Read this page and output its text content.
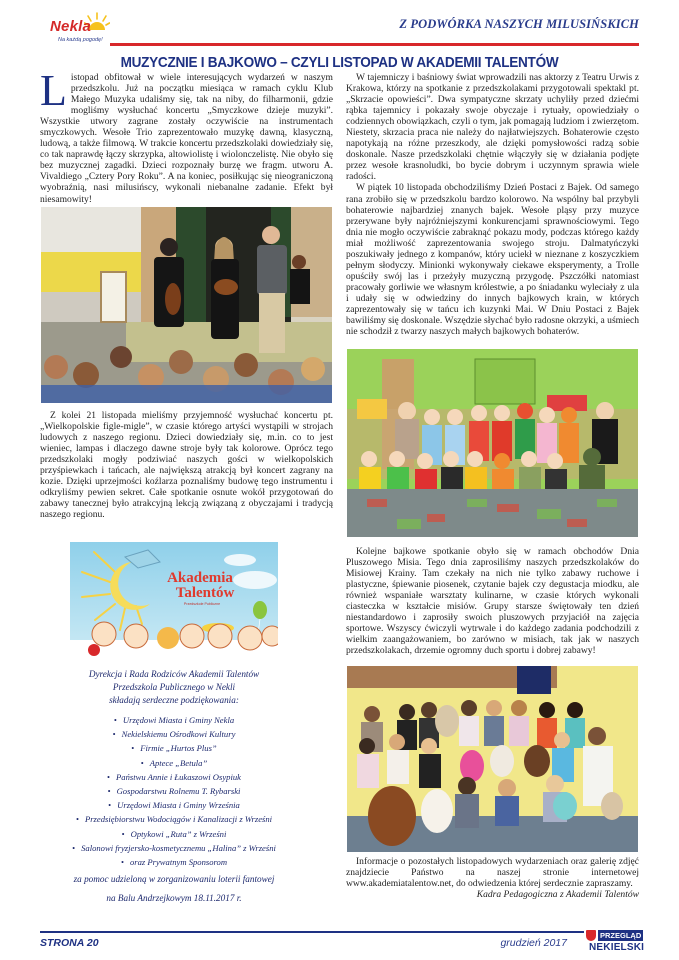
Nekla
Na każdą pogodę!
Z PODWÓRKA NASZYCH MILUSIŃSKICH
MUZYCZNIE I BAJKOWO – CZYLI LISTOPAD W AKADEMII TALENTÓW

Listopad obfitował w wiele interesujących wydarzeń w naszym przedszkolu. Już na początku miesiąca w ramach cyklu Klub Małego Muzyka udaliśmy się, tak na niby, do filharmonii, gdzie mogliśmy wysłuchać koncertu „Smyczkowe dzieje muzyki”. Wszystkie utwory zagrane zostały oczywiście na instrumentach smyczkowych. Wesołe Trio zaprezentowało muzykę dawną, klasyczną, ludową, a także filmową. W trakcie koncertu przedszkolaki dowiedziały się, co tak naprawdę łączy skrzypka, altowiolistę i wiolonczelistę. Nie obyło się bez muzycznej zagadki. Dzieci rozpoznały burzę we fragm. utworu A. Vivaldiego „Cztery Pory Roku”. A na koniec, posiłkując się nieograniczoną wyobraźnią, nasi milusińscy, wykonali niebanalne zadanie. Efekt był niesamowity!

Z kolei 21 listopada mieliśmy przyjemność wysłuchać koncertu pt. „Wielkopolskie figle-migle”, w czasie którego artyści wystąpili w strojach ludowych z naszego regionu. Dzieci dowiedziały się, m.in. co to jest wieniec, lampas i dlaczego dawne stroje były tak kolorowe. Oprócz tego przedszkolaki mogły podziwiać naszych gości w wielkopolskich przyśpiewkach i tańcach, ale największą atrakcją był koncert zagrany na kozie. Dzięki uprzejmości koźlarza poznaliśmy budowę tego instrumentu i odkryliśmy pewien sekret. Całe spotkanie osnute wokół przygotowań do zabawy tanecznej było atrakcyjną lekcją związaną z obyczajami i tradycją naszego regionu.

Akademia
Talentów
Przedszkole Publiczne
Dyrekcja i Rada Rodziców Akademii Talentów
Przedszkola Publicznego w Nekli
składają serdeczne podziękowania:
• Urzędowi Miasta i Gminy Nekla
• Nekielskiemu Ośrodkowi Kultury
• Firmie „Hurtos Plus”
• Aptece „Betula”
• Państwu Annie i Łukaszowi Osypiuk
• Gospodarstwu Rolnemu T. Rybarski
• Urzędowi Miasta i Gminy Września
• Przedsiębiorstwu Wodociągów i Kanalizacji z Wrześni
• Optykowi „Ruta” z Wrześni
• Salonowi fryzjersko-kosmetycznemu „Halina” z Wrześni
• oraz Prywatnym Sponsorom
za pomoc udzieloną w zorganizowaniu loterii fantowej
na Balu Andrzejkowym 18.11.2017 r.

W tajemniczy i baśniowy świat wprowadzili nas aktorzy z Teatru Urwis z Krakowa, którzy na spotkanie z przedszkolakami przygotowali spektakl pt. „Skrzacie opowieści”. Dwa sympatyczne skrzaty uchyliły przed dziećmi rąbka tajemnicy i pokazały swoje obyczaje i rytuały, opowiedziały o codziennych obowiązkach, czyli o tym, jak pomagają ludziom i zwierzętom. Niestety, skrzacia praca nie należy do najłatwiejszych. Bohaterowie często napotykają na różne przeszkody, ale dzięki pomysłowości radzą sobie doskonale. Nasze przedszkolaki chętnie włączyły się w działania podjęte przez wesołe krasnoludki, bo bycie dobrym i uczynnym sprawia wiele radości.

W piątek 10 listopada obchodziliśmy Dzień Postaci z Bajek. Od samego rana zrobiło się w przedszkolu bardzo kolorowo. Na wspólny bal przybyli bohaterowie najbardziej znanych bajek. Wesołe pląsy przy muzyce przerywane były najróżniejszymi konkurencjami sprawnościowymi. Tego dnia nie mogło oczywiście zabraknąć pokazu mody, podczas którego każdy miał możliwość zaprezentowania swojego stroju. Dalmatyńczyki poszukiwały jednego z kompanów, który uciekł w nieznane z koszyczkiem pełnym słodyczy. Minionki wykonywały ciekawe eksperymenty, a Trolle opuściły swój las i przeżyły muzyczną przygodę. Pszczółki natomiast pracowały gorliwie we własnym królestwie, a po śniadanku wyleciały z ula i udały się w odwiedziny do innych bajkowych krain, w których zaprezentowały się w tańcu ich kuzynki Mai. W Dniu Postaci z Bajek bawiliśmy się doskonale. Wszędzie słychać było radosne okrzyki, a uśmiech nie schodził z twarzy naszych małych bajkowych bohaterów.

Kolejne bajkowe spotkanie obyło się w ramach obchodów Dnia Pluszowego Misia. Tego dnia zaprosiliśmy naszych przedszkolaków do Misiowej Krainy. Tam czekały na nich nie tylko zabawy ruchowe i plastyczne, śpiewanie piosenek, czytanie bajek czy degustacja miodku, ale również wspaniałe warsztaty kulinarne, w czasie których wykonali ciasteczka w kształcie misiów. Grupy starsze świętowały ten dzień niestandardowo i zaprosiły swoich pluszowych przyjaciół na zajęcia sportowe. Wszyscy ćwiczyli wytrwale i do każdego zadania podchodzili z wielkim zaangażowaniem, bo zarówno w misiach, tak jak w naszych przedszkolakach, drzemie ogromny duch sportu i dobrej zabawy!

Informacje o pozostałych listopadowych wydarzeniach oraz galerię zdjęć znajdziecie Państwo na naszej stronie internetowej www.akademiatalentow.net, do odwiedzenia której serdecznie zapraszamy.

Kadra Pedagogiczna z Akademii Talentów
STRONA 20	grudzień 2017
PRZEGLĄD
NEKIELSKI
